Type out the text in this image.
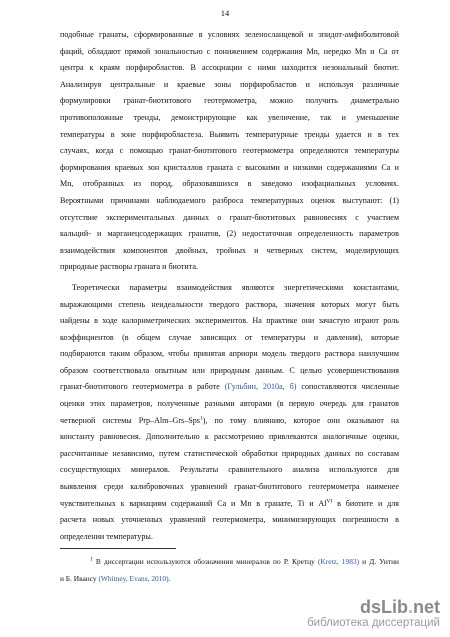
14
подобные гранаты, сформированные в условиях зеленосланцевой и эпидот-амфиболитовой
фаций, обладают прямой зональностью с понижением содержания Mn, нередко Mn и Ca от
центра к краям порфиробластов. В ассоциации с ними находится незональный биотит.
Анализируя центральные и краевые зоны порфиробластов и используя различные
формулировки гранат-биотитового геотермометра, можно получить диаметрально
противоположные тренды, демонстрирующие как увеличение, так и уменьшение
температуры в зоне порфиробластеза. Выявить температурные тренды удается и в тех
случаях, когда с помощью гранат-биотитового геотермометра определяются температуры
формирования краевых зон кристаллов граната с высокими и низкими содержаниями Ca и
Mn, отобранных из пород, образовавшихся в заведомо изофациальных условиях.
Вероятными причинами наблюдаемого разброса температурных оценок выступают: (1)
отсутствие экспериментальных данных о гранат-биотитовых равновесиях с участием
кальций- и марганецсодержащих гранатов, (2) недостаточная определенность параметров
взаимодействия компонентов двойных, тройных и четверных систем, моделирующих
природные растворы граната и биотита.
Теоретически параметры взаимодействия являются энергетическими константами,
выражающими степень неидеальности твердого раствора, значения которых могут быть
найдены в ходе калориметрических экспериментов. На практике они зачастую играют роль
коэффициентов (в общем случае зависящих от температуры и давления), которые
подбираются таким образом, чтобы принятая априори модель твердого раствора наилучшим
образом соответствовала опытным или природным данным. С целью усовершенствования
гранат-биотитового геотермометра в работе (Гульбин, 2010а, б) сопоставляются численные
оценки этих параметров, полученные разными авторами (в первую очередь для гранатов
четверной системы Prp–Alm–Grs–Sps$^1$), по тому влиянию, которое они оказывают на
константу равновесия. Дополнительно к рассмотрению привлекаются аналогичные оценки,
рассчитанные независимо, путем статистической обработки природных данных по составам
сосуществующих минералов. Результаты сравнительного анализа используются для
выявления среди калибровочных уравнений гранат-биотитового геотермометра наименее
чувствительных к вариациям содержаний Ca и Mn в гранате, Ti и $Al^{VI}$ в биотите и для
расчета новых уточненных уравнений геотермометра, минимизирующих погрешности в
определении температуры.
$^1$ В диссертации используются обозначения минералов по Р. Кретцу (Kretz, 1983) и Д. Уитни
и Б. Ивансу (Whitney, Evans, 2010).
dsLib.net
библиотека диссертаций
